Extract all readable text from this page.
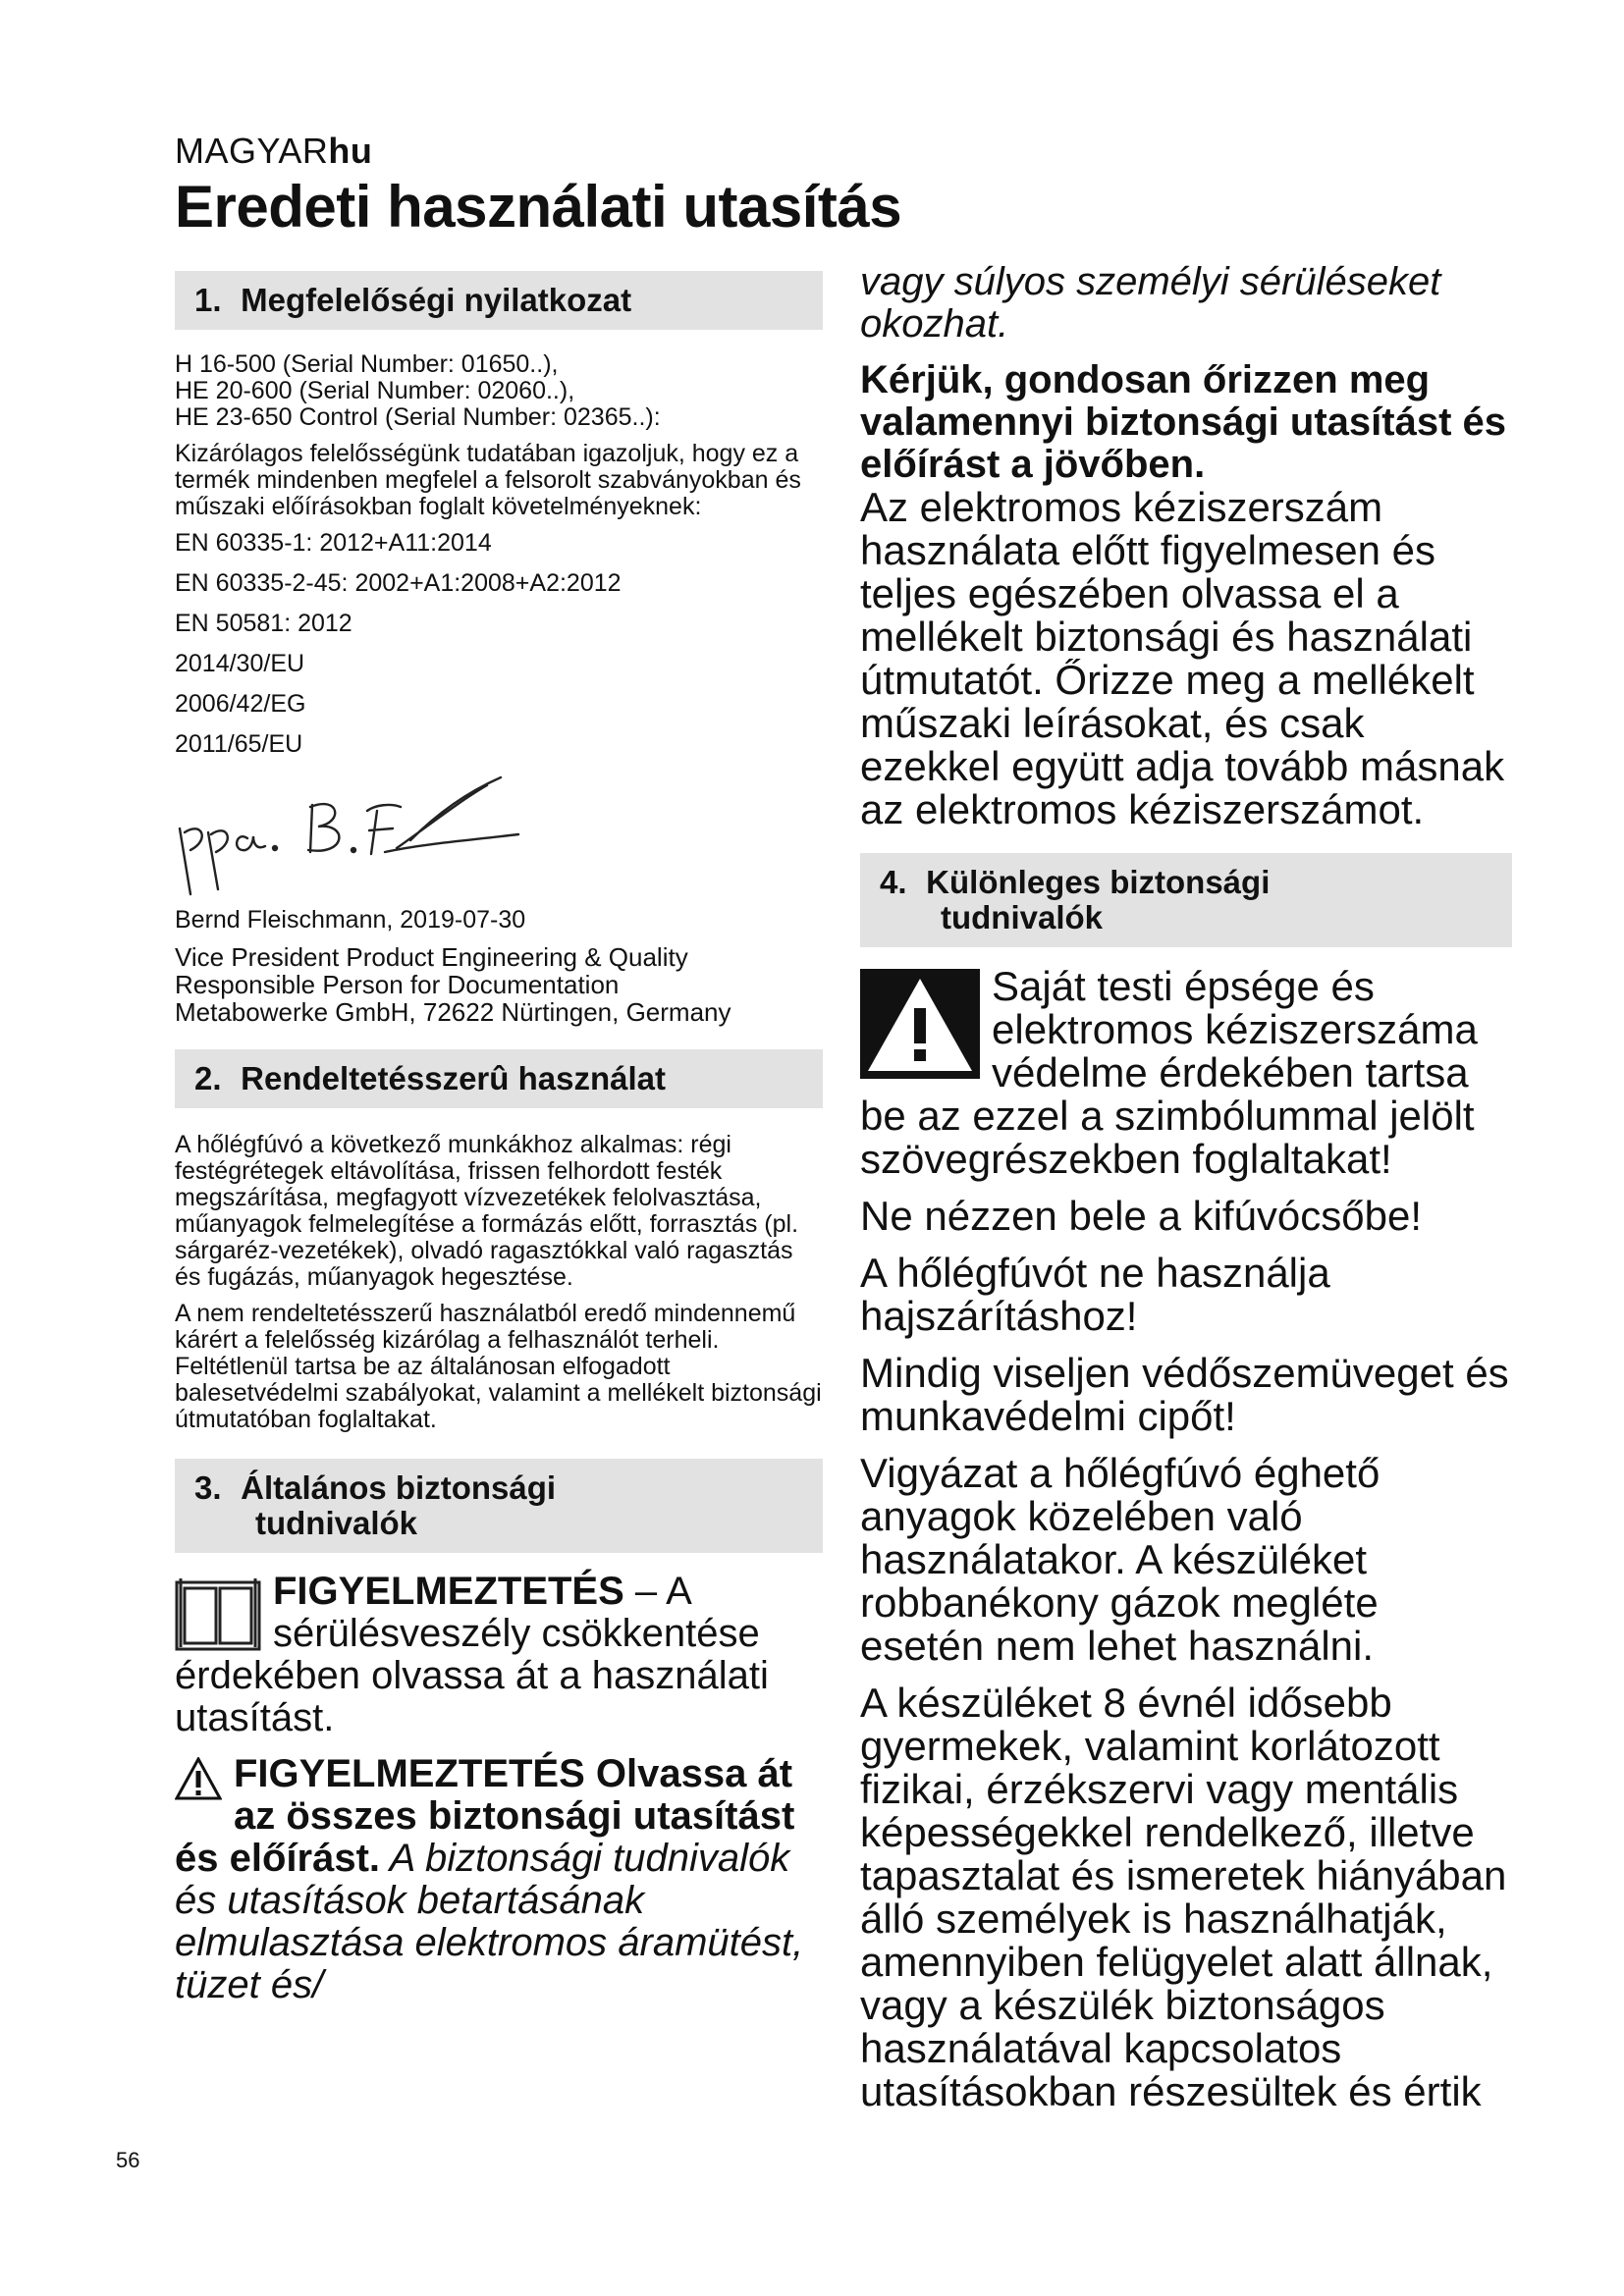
MAGYARhu
Eredeti használati utasítás
1. Megfelelőségi nyilatkozat

H 16-500 (Serial Number: 01650..),
HE 20-600 (Serial Number: 02060..),
HE 23-650 Control (Serial Number: 02365..):

Kizárólagos felelősségünk tudatában igazoljuk, hogy ez a termék mindenben megfelel a felsorolt szabványokban és műszaki előírásokban foglalt követelményeknek:

EN 60335-1: 2012+A11:2014
EN 60335-2-45: 2002+A1:2008+A2:2012
EN 50581: 2012
2014/30/EU
2006/42/EG
2011/65/EU

Bernd Fleischmann, 2019-07-30

Vice President Product Engineering & Quality
Responsible Person for Documentation
Metabowerke GmbH, 72622 Nürtingen, Germany

2. Rendeltetésszerû használat

A hőlégfúvó a következő munkákhoz alkalmas: régi festégrétegek eltávolítása, frissen felhordott festék megszárítása, megfagyott vízvezetékek felolvasztása, műanyagok felmelegítése a formázás előtt, forrasztás (pl. sárgaréz-vezetékek), olvadó ragasztókkal való ragasztás és fugázás, műanyagok hegesztése.

A nem rendeltetésszerű használatból eredő mindennemű kárért a felelősség kizárólag a felhasználót terheli. Feltétlenül tartsa be az általánosan elfogadott balesetvédelmi szabályokat, valamint a mellékelt biztonsági útmutatóban foglaltakat.

3. Általános biztonsági
tudnivalók

FIGYELMEZTETÉS – A sérülésveszély csökkentése érdekében olvassa át a használati utasítást.

FIGYELMEZTETÉS Olvassa át az összes biztonsági utasítást és előírást. A biztonsági tudnivalók és utasítások betartásának elmulasztása elektromos áramütést, tüzet és/

vagy súlyos személyi sérüléseket okozhat.

Kérjük, gondosan őrizzen meg valamennyi biztonsági utasítást és előírást a jövőben.

Az elektromos kéziszerszám használata előtt figyelmesen és teljes egészében olvassa el a mellékelt biztonsági és használati útmutatót. Őrizze meg a mellékelt műszaki leírásokat, és csak ezekkel együtt adja tovább másnak az elektromos kéziszerszámot.

4. Különleges biztonsági
tudnivalók

Saját testi épsége és elektromos kéziszerszáma védelme érdekében tartsa be az ezzel a szimbólummal jelölt szövegrészekben foglaltakat!

Ne nézzen bele a kifúvócsőbe!

A hőlégfúvót ne használja hajszárításhoz!

Mindig viseljen védőszemüveget és munkavédelmi cipőt!

Vigyázat a hőlégfúvó éghető anyagok közelében való használatakor. A készüléket robbanékony gázok megléte esetén nem lehet használni.

A készüléket 8 évnél idősebb gyermekek, valamint korlátozott fizikai, érzékszervi vagy mentális képességekkel rendelkező, illetve tapasztalat és ismeretek hiányában álló személyek is használhatják, amennyiben felügyelet alatt állnak, vagy a készülék biztonságos használatával kapcsolatos utasításokban részesültek és értik

56
